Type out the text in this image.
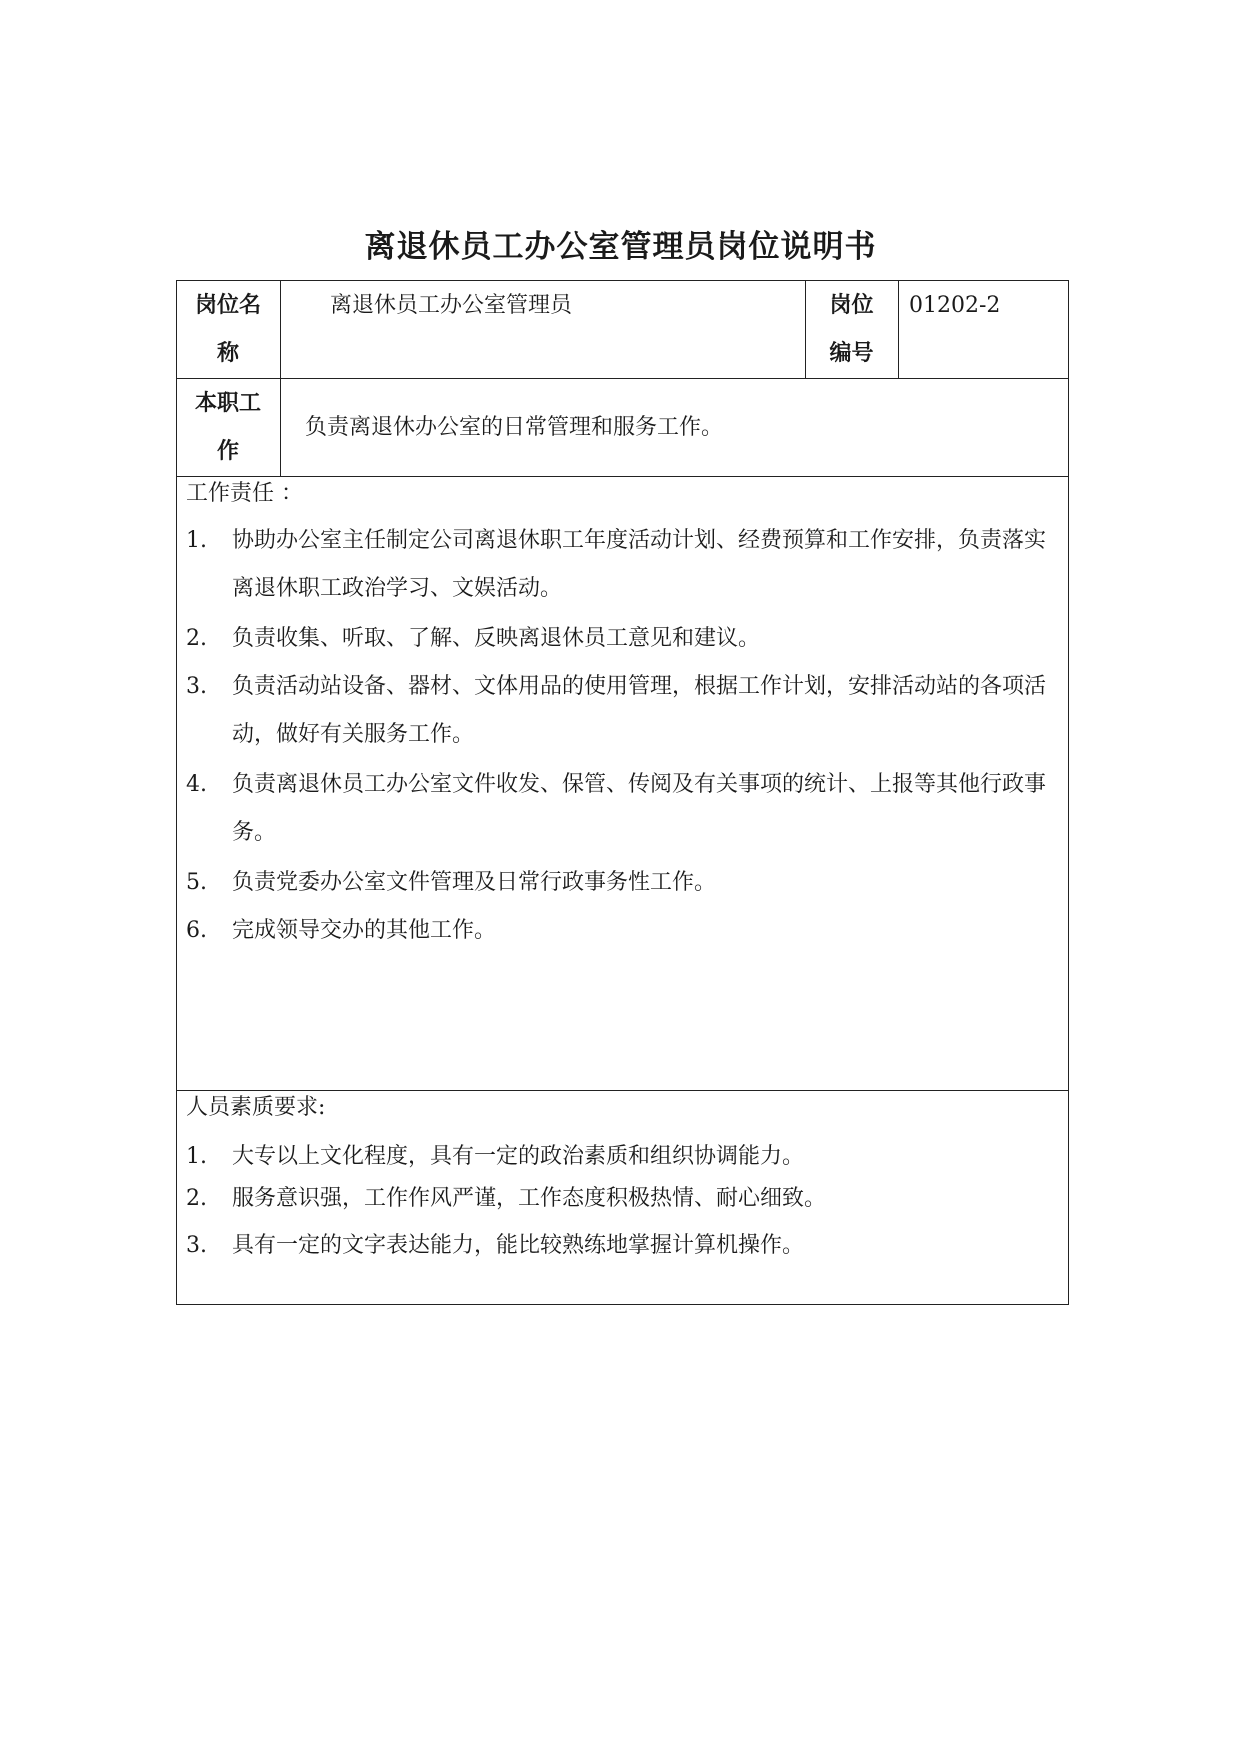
离退休员工办公室管理员岗位说明书
岗位名
称
离退休员工办公室管理员	岗位
编号
01202-2
本职工
作
负责离退休办公室的日常管理和服务工作。
工作责任 ：
1. 协助办公室主任制定公司离退休职工年度活动计划、经费预算和工作安排，负责落实离退休职工政治学习、文娱活动。
2. 负责收集、听取、了解、反映离退休员工意见和建议。
3. 负责活动站设备、器材、文体用品的使用管理，根据工作计划，安排活动站的各项活动，做好有关服务工作。
4. 负责离退休员工办公室文件收发、保管、传阅及有关事项的统计、上报等其他行政事务。
5. 负责党委办公室文件管理及日常行政事务性工作。
6. 完成领导交办的其他工作。
人员素质要求:
1. 大专以上文化程度，具有一定的政治素质和组织协调能力。
2. 服务意识强，工作作风严谨，工作态度积极热情、耐心细致。
3. 具有一定的文字表达能力，能比较熟练地掌握计算机操作。
